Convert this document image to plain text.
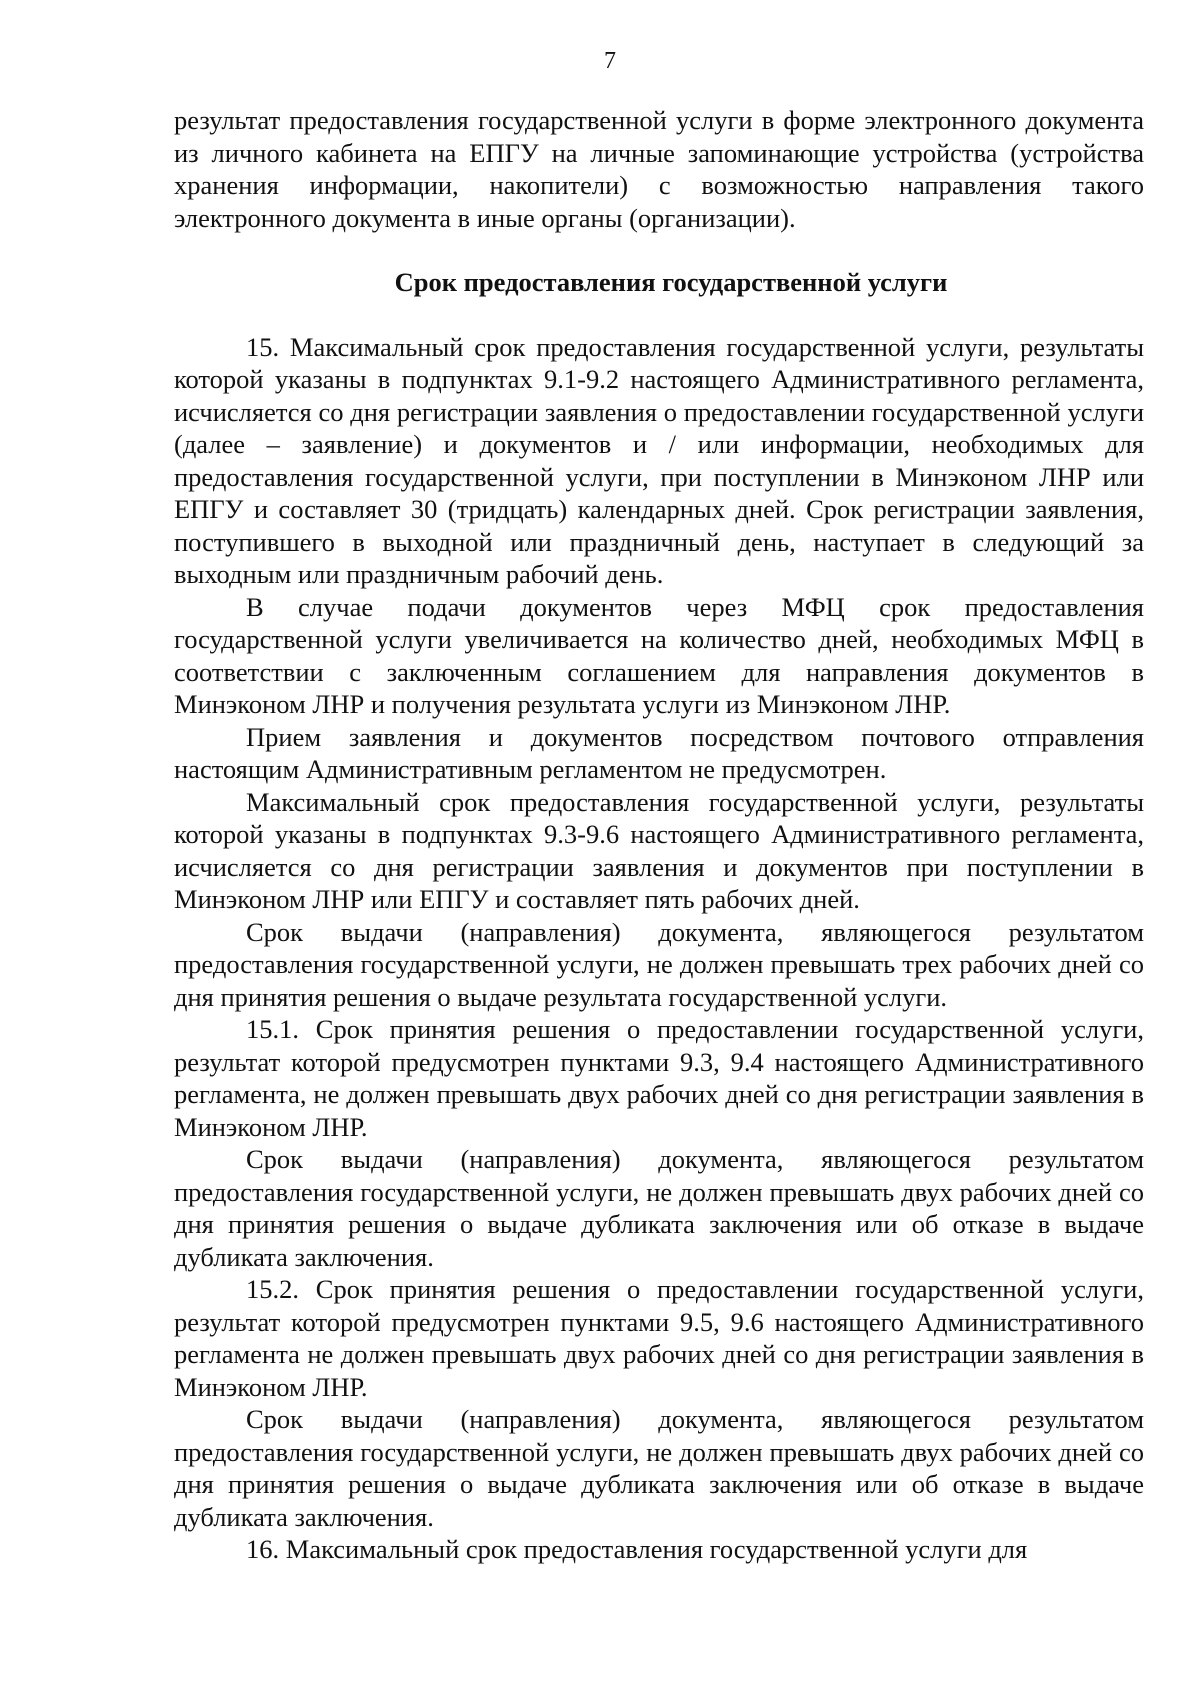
7

результат предоставления государственной услуги в форме электронного документа из личного кабинета на ЕПГУ на личные запоминающие устройства (устройства хранения информации, накопители) с возможностью направления такого электронного документа в иные органы (организации).

Срок предоставления государственной услуги

15. Максимальный срок предоставления государственной услуги, результаты которой указаны в подпунктах 9.1-9.2 настоящего Административного регламента, исчисляется со дня регистрации заявления о предоставлении государственной услуги (далее – заявление) и документов и / или информации, необходимых для предоставления государственной услуги, при поступлении в Минэконом ЛНР или ЕПГУ и составляет 30 (тридцать) календарных дней. Срок регистрации заявления, поступившего в выходной или праздничный день, наступает в следующий за выходным или праздничным рабочий день.

В случае подачи документов через МФЦ срок предоставления государственной услуги увеличивается на количество дней, необходимых МФЦ в соответствии с заключенным соглашением для направления документов в Минэконом ЛНР и получения результата услуги из Минэконом ЛНР.

Прием заявления и документов посредством почтового отправления настоящим Административным регламентом не предусмотрен.

Максимальный срок предоставления государственной услуги, результаты которой указаны в подпунктах 9.3-9.6 настоящего Административного регламента, исчисляется со дня регистрации заявления и документов при поступлении в Минэконом ЛНР или ЕПГУ и составляет пять рабочих дней.

Срок выдачи (направления) документа, являющегося результатом предоставления государственной услуги, не должен превышать трех рабочих дней со дня принятия решения о выдаче результата государственной услуги.

15.1. Срок принятия решения о предоставлении государственной услуги, результат которой предусмотрен пунктами 9.3, 9.4 настоящего Административного регламента, не должен превышать двух рабочих дней со дня регистрации заявления в Минэконом ЛНР.

Срок выдачи (направления) документа, являющегося результатом предоставления государственной услуги, не должен превышать двух рабочих дней со дня принятия решения о выдаче дубликата заключения или об отказе в выдаче дубликата заключения.

15.2. Срок принятия решения о предоставлении государственной услуги, результат которой предусмотрен пунктами 9.5, 9.6 настоящего Административного регламента не должен превышать двух рабочих дней со дня регистрации заявления в Минэконом ЛНР.

Срок выдачи (направления) документа, являющегося результатом предоставления государственной услуги, не должен превышать двух рабочих дней со дня принятия решения о выдаче дубликата заключения или об отказе в выдаче дубликата заключения.

16. Максимальный срок предоставления государственной услуги для
